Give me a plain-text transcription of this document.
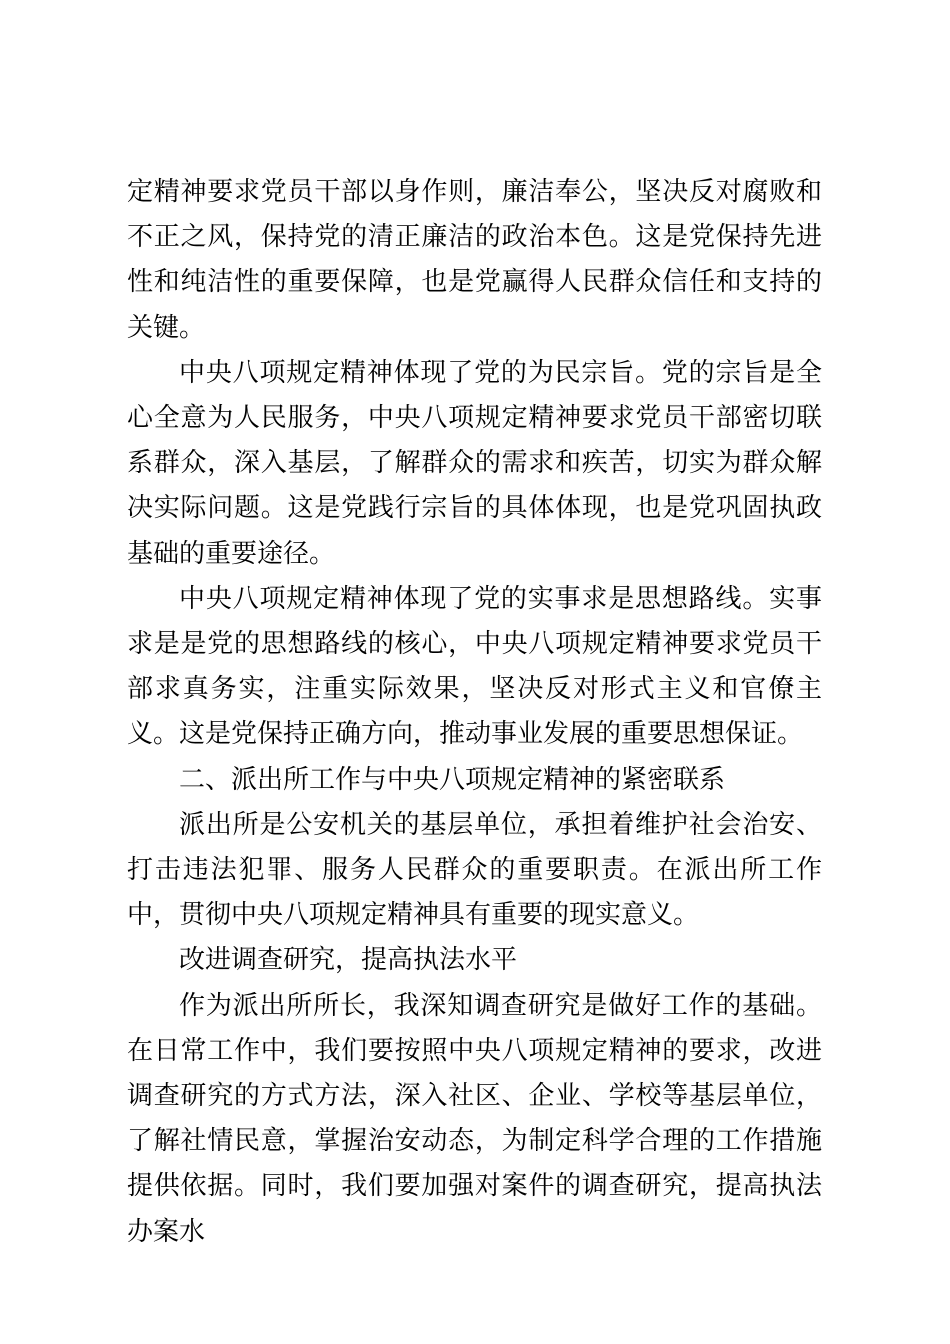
定精神要求党员干部以身作则，廉洁奉公，坚决反对腐败和不正之风，保持党的清正廉洁的政治本色。这是党保持先进性和纯洁性的重要保障，也是党赢得人民群众信任和支持的关键。

中央八项规定精神体现了党的为民宗旨。党的宗旨是全心全意为人民服务，中央八项规定精神要求党员干部密切联系群众，深入基层，了解群众的需求和疾苦，切实为群众解决实际问题。这是党践行宗旨的具体体现，也是党巩固执政基础的重要途径。

中央八项规定精神体现了党的实事求是思想路线。实事求是是党的思想路线的核心，中央八项规定精神要求党员干部求真务实，注重实际效果，坚决反对形式主义和官僚主义。这是党保持正确方向，推动事业发展的重要思想保证。

二、派出所工作与中央八项规定精神的紧密联系

派出所是公安机关的基层单位，承担着维护社会治安、打击违法犯罪、服务人民群众的重要职责。在派出所工作中，贯彻中央八项规定精神具有重要的现实意义。

改进调查研究，提高执法水平

作为派出所所长，我深知调查研究是做好工作的基础。在日常工作中，我们要按照中央八项规定精神的要求，改进调查研究的方式方法，深入社区、企业、学校等基层单位，了解社情民意，掌握治安动态，为制定科学合理的工作措施提供依据。同时，我们要加强对案件的调查研究，提高执法办案水
